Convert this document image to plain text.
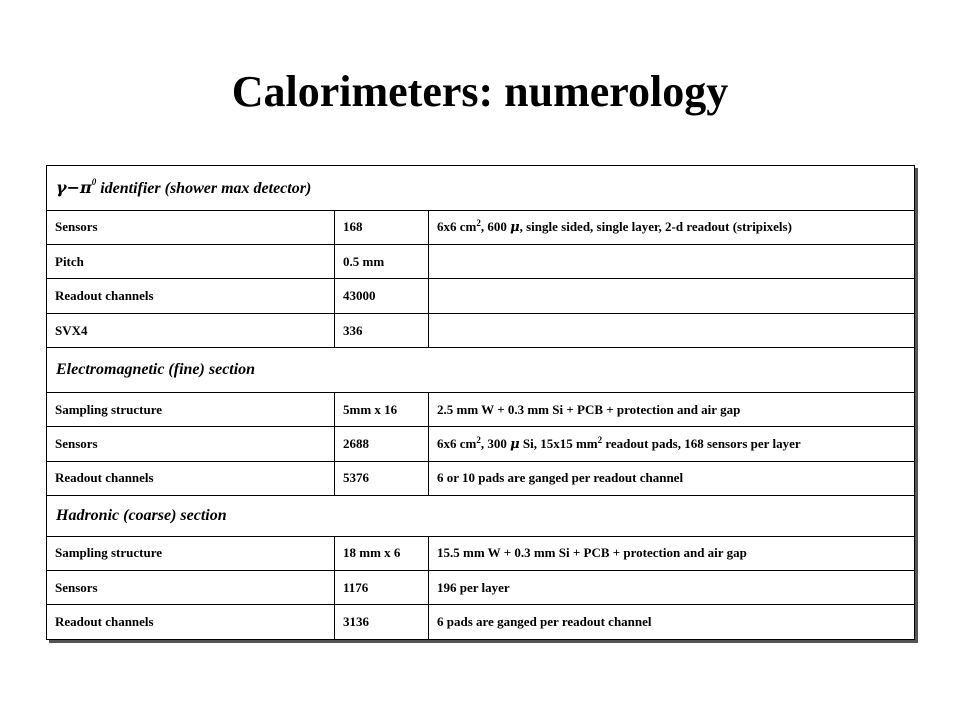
Calorimeters: numerology
$\gamma-\pi^0$ identifier (shower max detector)		
Sensors	168	6x6 $cm^2$, 600 μ, single sided, single layer, 2-d readout (stripixels)
Pitch	0.5 mm	
Readout channels	43000	
SVX4	336	
Electromagnetic (fine) section		
Sampling structure	5mm x 16	2.5 mm W + 0.3 mm Si + PCB + protection and air gap
Sensors	2688	6x6 $cm^2$, 300 μ Si, 15x15 $mm^2$ readout pads, 168 sensors per layer
Readout channels	5376	6 or 10 pads are ganged per readout channel
Hadronic (coarse) section		
Sampling structure	18 mm x 6	15.5 mm W + 0.3 mm Si + PCB + protection and air gap
Sensors	1176	196 per layer
Readout channels	3136	6 pads are ganged per readout channel
